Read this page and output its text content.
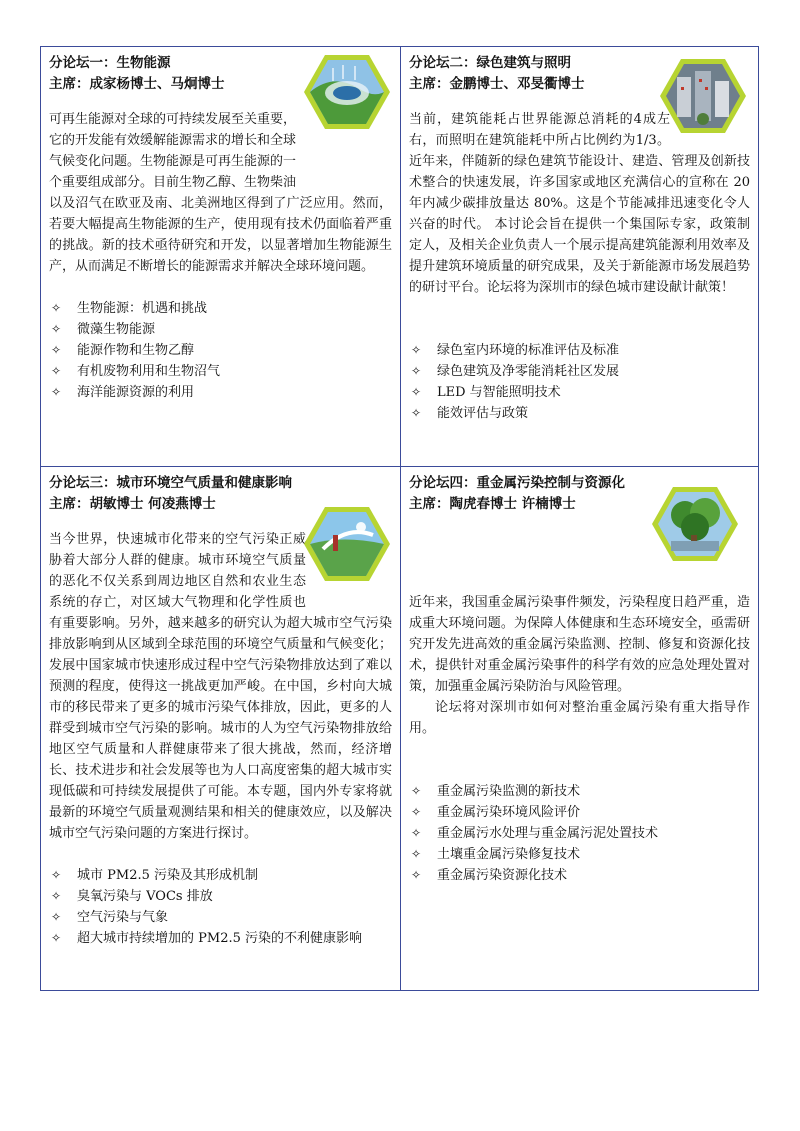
分论坛一：生物能源

主席：成家杨博士、马炯博士

可再生能源对全球的可持续发展至关重要，它的开发能有效缓解能源需求的增长和全球气候变化问题。生物能源是可再生能源的一个重要组成部分。目前生物乙醇、生物柴油以及沼气在欧亚及南、北美洲地区得到了广泛应用。然而，若要大幅提高生物能源的生产，使用现有技术仍面临着严重的挑战。新的技术亟待研究和开发，以显著增加生物能源生产，从而满足不断增长的能源需求并解决全球环境问题。

✧ 生物能源：机遇和挑战
✧ 微藻生物能源
✧ 能源作物和生物乙醇
✧ 有机废物利用和生物沼气
✧ 海洋能源资源的利用

分论坛二：绿色建筑与照明

主席：金鹏博士、邓旻衢博士

当前，建筑能耗占世界能源总消耗的4成左右，而照明在建筑能耗中所占比例约为1/3。近年来，伴随新的绿色建筑节能设计、建造、管理及创新技术整合的快速发展，许多国家或地区充满信心的宣称在 20 年内减少碳排放量达 80%。这是个节能减排迅速变化令人兴奋的时代。 本讨论会旨在提供一个集国际专家，政策制定人，及相关企业负责人一个展示提高建筑能源利用效率及提升建筑环境质量的研究成果，及关于新能源市场发展趋势的研讨平台。论坛将为深圳市的绿色城市建设献计献策！

✧ 绿色室内环境的标准评估及标准
✧ 绿色建筑及净零能消耗社区发展
✧ LED 与智能照明技术
✧ 能效评估与政策

分论坛三：城市环境空气质量和健康影响

主席：胡敏博士 何凌燕博士

当今世界，快速城市化带来的空气污染正威胁着大部分人群的健康。城市环境空气质量的恶化不仅关系到周边地区自然和农业生态系统的存亡，对区域大气物理和化学性质也有重要影响。另外，越来越多的研究认为超大城市空气污染排放影响到从区域到全球范围的环境空气质量和气候变化；发展中国家城市快速形成过程中空气污染物排放达到了难以预测的程度，使得这一挑战更加严峻。在中国，乡村向大城市的移民带来了更多的城市污染气体排放，因此，更多的人群受到城市空气污染的影响。城市的人为空气污染物排放给地区空气质量和人群健康带来了很大挑战，然而，经济增长、技术进步和社会发展等也为人口高度密集的超大城市实现低碳和可持续发展提供了可能。本专题，国内外专家将就最新的环境空气质量观测结果和相关的健康效应，以及解决城市空气污染问题的方案进行探讨。

✧ 城市 PM2.5 污染及其形成机制
✧ 臭氧污染与 VOCs 排放
✧ 空气污染与气象
✧ 超大城市持续增加的 PM2.5 污染的不利健康影响

分论坛四：重金属污染控制与资源化

主席：陶虎春博士 许楠博士

近年来，我国重金属污染事件频发，污染程度日趋严重，造成重大环境问题。为保障人体健康和生态环境安全，亟需研究开发先进高效的重金属污染监测、控制、修复和资源化技术，提供针对重金属污染事件的科学有效的应急处理处置对策，加强重金属污染防治与风险管理。

论坛将对深圳市如何对整治重金属污染有重大指导作用。

✧ 重金属污染监测的新技术
✧ 重金属污染环境风险评价
✧ 重金属污水处理与重金属污泥处置技术
✧ 土壤重金属污染修复技术
✧ 重金属污染资源化技术
